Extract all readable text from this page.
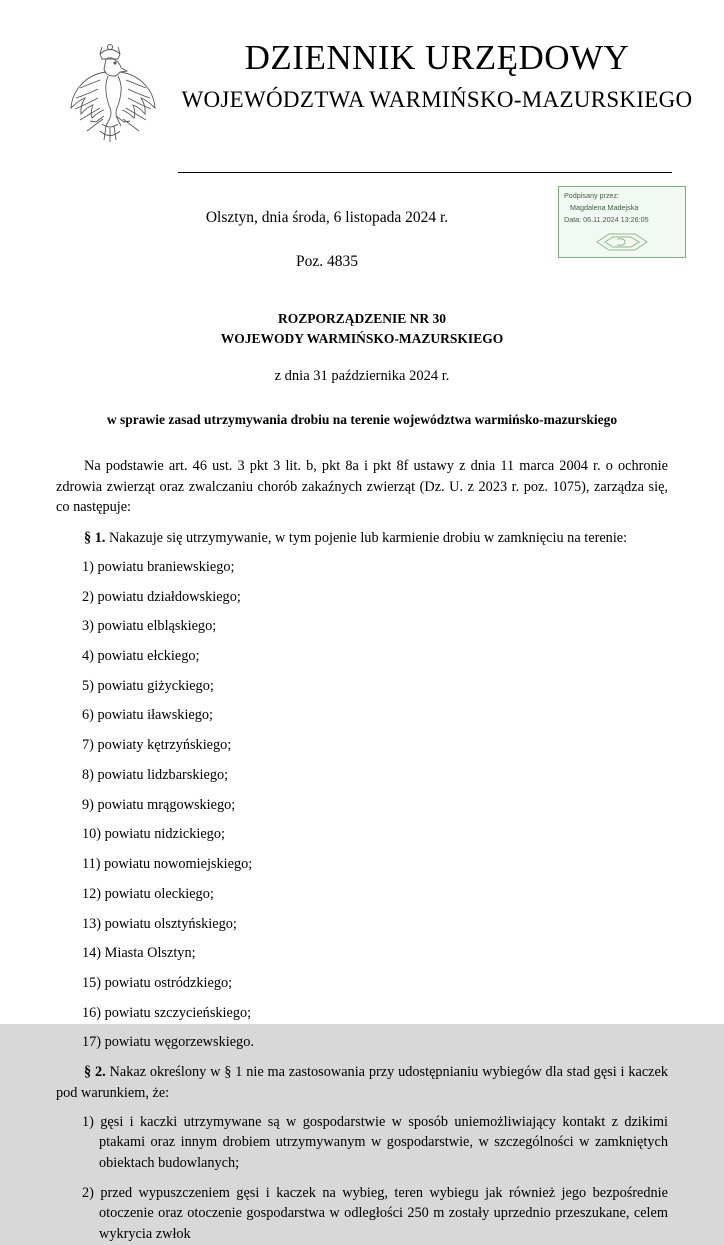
DZIENNIK URZĘDOWY
WOJEWÓDZTWA WARMIŃSKO-MAZURSKIEGO
Olsztyn, dnia środa, 6 listopada 2024 r.
Poz. 4835
Podpisany przez:
Magdalena Madejska
Data: 06.11.2024 13:26:05
ROZPORZĄDZENIE NR 30
WOJEWODY WARMIŃSKO-MAZURSKIEGO
z dnia 31 października 2024 r.
w sprawie zasad utrzymywania drobiu na terenie województwa warmińsko-mazurskiego
Na podstawie art. 46 ust. 3 pkt 3 lit. b, pkt 8a i pkt 8f ustawy z dnia 11 marca 2004 r. o ochronie zdrowia zwierząt oraz zwalczaniu chorób zakaźnych zwierząt (Dz. U. z 2023 r. poz. 1075), zarządza się, co następuje:
§ 1. Nakazuje się utrzymywanie, w tym pojenie lub karmienie drobiu w zamknięciu na terenie:
1) powiatu braniewskiego;
2) powiatu działdowskiego;
3) powiatu elbląskiego;
4) powiatu ełckiego;
5) powiatu giżyckiego;
6) powiatu iławskiego;
7) powiaty kętrzyńskiego;
8) powiatu lidzbarskiego;
9) powiatu mrągowskiego;
10) powiatu nidzickiego;
11) powiatu nowomiejskiego;
12) powiatu oleckiego;
13) powiatu olsztyńskiego;
14) Miasta Olsztyn;
15) powiatu ostródzkiego;
16) powiatu szczycieńskiego;
17) powiatu węgorzewskiego.
§ 2. Nakaz określony w § 1 nie ma zastosowania przy udostępnianiu wybiegów dla stad gęsi i kaczek pod warunkiem, że:
1) gęsi i kaczki utrzymywane są w gospodarstwie w sposób uniemożliwiający kontakt z dzikimi ptakami oraz innym drobiem utrzymywanym w gospodarstwie, w szczególności w zamkniętych obiektach budowlanych;
2) przed wypuszczeniem gęsi i kaczek na wybieg, teren wybiegu jak również jego bezpośrednie otoczenie oraz otoczenie gospodarstwa w odległości 250 m zostały uprzednio przeszukane, celem wykrycia zwłok
